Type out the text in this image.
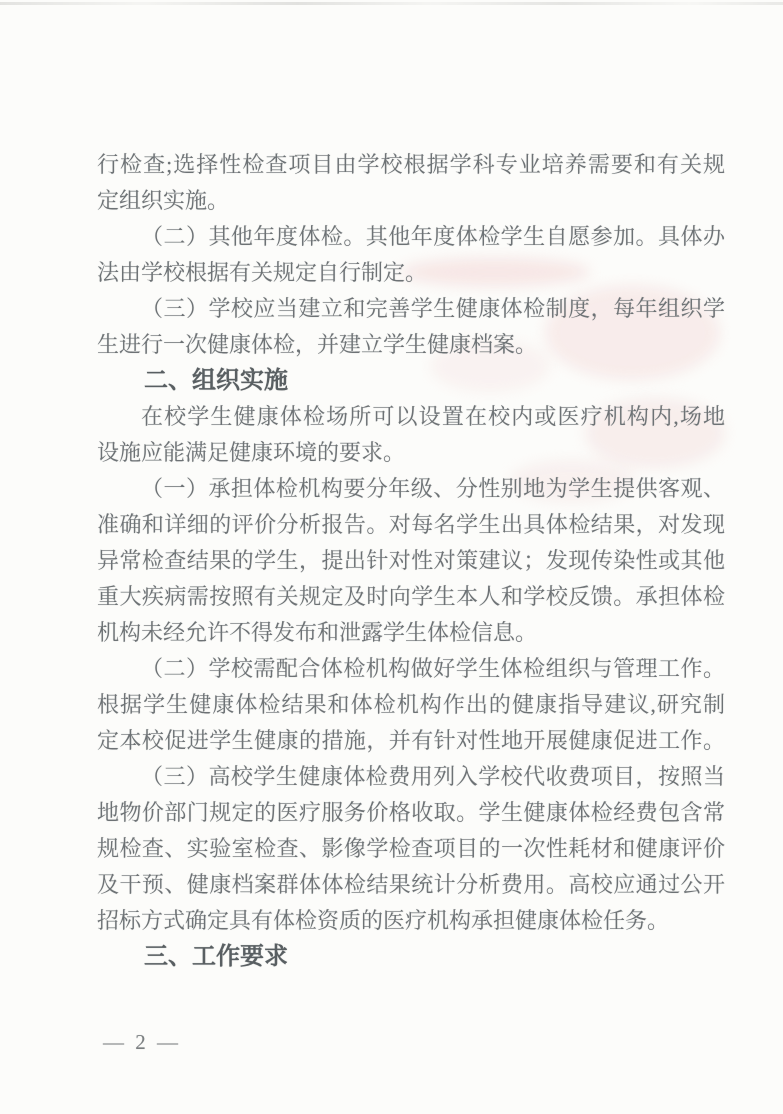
行检查;选择性检查项目由学校根据学科专业培养需要和有关规
定组织实施。
（二）其他年度体检。其他年度体检学生自愿参加。具体办
法由学校根据有关规定自行制定。
（三）学校应当建立和完善学生健康体检制度，每年组织学
生进行一次健康体检，并建立学生健康档案。
二、组织实施
在校学生健康体检场所可以设置在校内或医疗机构内,场地
设施应能满足健康环境的要求。
（一）承担体检机构要分年级、分性别地为学生提供客观、
准确和详细的评价分析报告。对每名学生出具体检结果，对发现
异常检查结果的学生，提出针对性对策建议；发现传染性或其他
重大疾病需按照有关规定及时向学生本人和学校反馈。承担体检
机构未经允许不得发布和泄露学生体检信息。
（二）学校需配合体检机构做好学生体检组织与管理工作。
根据学生健康体检结果和体检机构作出的健康指导建议,研究制
定本校促进学生健康的措施，并有针对性地开展健康促进工作。
（三）高校学生健康体检费用列入学校代收费项目，按照当
地物价部门规定的医疗服务价格收取。学生健康体检经费包含常
规检查、实验室检查、影像学检查项目的一次性耗材和健康评价
及干预、健康档案群体体检结果统计分析费用。高校应通过公开
招标方式确定具有体检资质的医疗机构承担健康体检任务。
三、工作要求
— 2 —
